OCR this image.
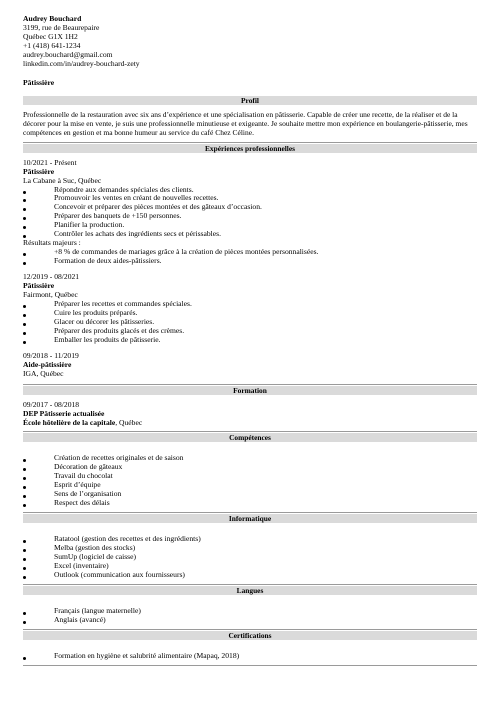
Audrey Bouchard
3199, rue de Beaurepaire
Québec G1X 1H2
+1 (418) 641-1234
audrey.bouchard@gmail.com
linkedin.com/in/audrey-bouchard-zety
Pâtissière
Profil
Professionnelle de la restauration avec six ans d’expérience et une spécialisation en pâtisserie. Capable de créer une recette, de la réaliser et de la décorer pour la mise en vente, je suis une professionnelle minutieuse et exigeante. Je souhaite mettre mon expérience en boulangerie-pâtisserie, mes compétences en gestion et ma bonne humeur au service du café Chez Céline.
Expériences professionnelles
10/2021 - Présent
Pâtissière
La Cabane à Suc, Québec
Répondre aux demandes spéciales des clients.
Promouvoir les ventes en créant de nouvelles recettes.
Concevoir et préparer des pièces montées et des gâteaux d’occasion.
Préparer des banquets de +150 personnes.
Planifier la production.
Contrôler les achats des ingrédients secs et périssables.
Résultats majeurs :
+8 % de commandes de mariages grâce à la création de pièces montées personnalisées.
Formation de deux aides-pâtissiers.
12/2019 - 08/2021
Pâtissière
Fairmont, Québec
Préparer les recettes et commandes spéciales.
Cuire les produits préparés.
Glacer ou décorer les pâtisseries.
Préparer des produits glacés et des crèmes.
Emballer les produits de pâtisserie.
09/2018 - 11/2019
Aide-pâtissière
IGA, Québec
Formation
09/2017 - 08/2018
DEP Pâtisserie actualisée
École hôtelière de la capitale, Québec
Compétences
Création de recettes originales et de saison
Décoration de gâteaux
Travail du chocolat
Esprit d’équipe
Sens de l’organisation
Respect des délais
Informatique
Ratatool (gestion des recettes et des ingrédients)
Melba (gestion des stocks)
SumUp (logiciel de caisse)
Excel (inventaire)
Outlook (communication aux fournisseurs)
Langues
Français (langue maternelle)
Anglais (avancé)
Certifications
Formation en hygiène et salubrité alimentaire (Mapaq, 2018)
